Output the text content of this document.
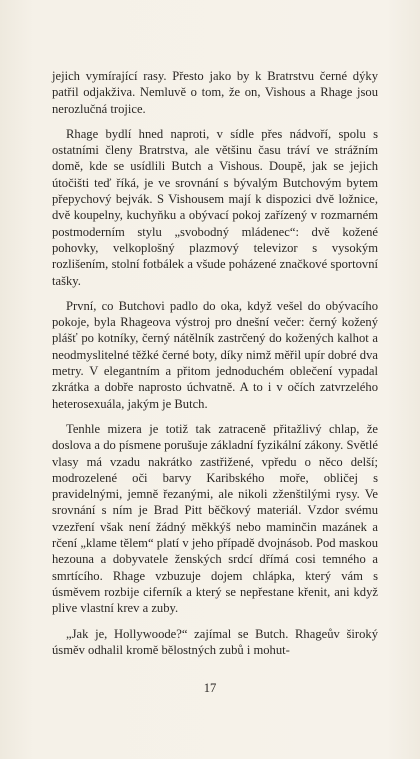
jejich vymírající rasy. Přesto jako by k Bratrstvu černé dýky patřil odjakživa. Nemluvě o tom, že on, Vishous a Rhage jsou nerozlučná trojice.

Rhage bydlí hned naproti, v sídle přes nádvoří, spolu s ostatními členy Bratrstva, ale většinu času tráví ve strážním domě, kde se usídlili Butch a Vishous. Doupě, jak se jejich útočišti teď říká, je ve srovnání s bývalým Butchovým bytem přepychový bejvák. S Vishousem mají k dispozici dvě ložnice, dvě koupelny, kuchyňku a obývací pokoj zařízený v rozmarném postmoderním stylu „svobodný mládenec“: dvě kožené pohovky, velkoplošný plazmový televizor s vysokým rozlišením, stolní fotbálek a všude poházené značkové sportovní tašky.

První, co Butchovi padlo do oka, když vešel do obývacího pokoje, byla Rhageova výstroj pro dnešní večer: černý kožený plášť po kotníky, černý nátělník zastrčený do kožených kalhot a neodmyslitelné těžké černé boty, díky nimž měřil upír dobré dva metry. V elegantním a přitom jednoduchém oblečení vypadal zkrátka a dobře naprosto úchvatně. A to i v očích zatvrzelého heterosexuála, jakým je Butch.

Tenhle mizera je totiž tak zatraceně přitažlivý chlap, že doslova a do písmene porušuje základní fyzikální zákony. Světlé vlasy má vzadu nakrátko zastřižené, vpředu o něco delší; modrozelené oči barvy Karibského moře, obličej s pravidelnými, jemně řezanými, ale nikoli zženštilými rysy. Ve srovnání s ním je Brad Pitt běčkový materiál. Vzdor svému vzezření však není žádný měkkýš nebo maminčin mazánek a rčení „klame tělem“ platí v jeho případě dvojnásob. Pod maskou hezouna a dobyvatele ženských srdcí dřímá cosi temného a smrtícího. Rhage vzbuzuje dojem chlápka, který vám s úsměvem rozbije ciferník a který se nepřestane křenit, ani když plive vlastní krev a zuby.

„Jak je, Hollywoode?“ zajímal se Butch. Rhageův široký úsměv odhalil kromě bělostných zubů i mohut-

17
